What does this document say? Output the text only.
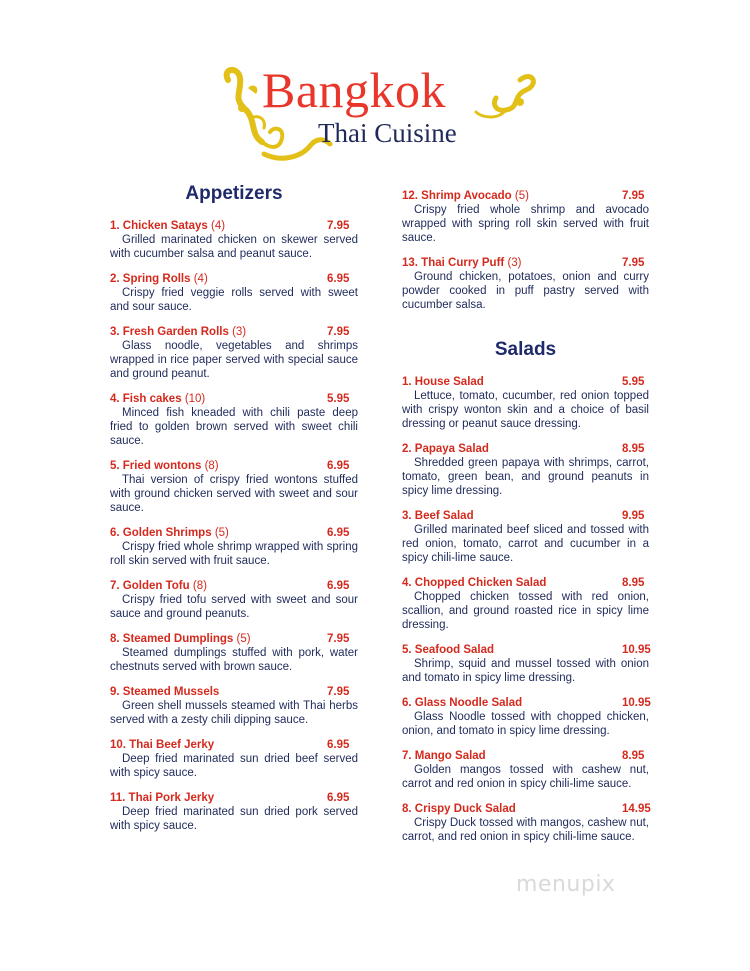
Bangkok
Thai Cuisine
Appetizers
1. Chicken Satays (4)	7.95

Grilled marinated chicken on skewer served with cucumber salsa and peanut sauce.

2. Spring Rolls (4)	6.95

Crispy fried veggie rolls served with sweet and sour sauce.

3. Fresh Garden Rolls (3)	7.95

Glass noodle, vegetables and shrimps wrapped in rice paper served with special sauce and ground peanut.

4. Fish cakes (10)	5.95

Minced fish kneaded with chili paste deep fried to golden brown served with sweet chili sauce.

5. Fried wontons (8)	6.95

Thai version of crispy fried wontons stuffed with ground chicken served with sweet and sour sauce.

6. Golden Shrimps (5)	6.95

Crispy fried whole shrimp wrapped with spring roll skin served with fruit sauce.

7. Golden Tofu (8)	6.95

Crispy fried tofu served with sweet and sour sauce and ground peanuts.

8. Steamed Dumplings (5)	7.95

Steamed dumplings stuffed with pork, water chestnuts served with brown sauce.

9. Steamed Mussels	7.95

Green shell mussels steamed with Thai herbs served with a zesty chili dipping sauce.

10. Thai Beef Jerky	6.95

Deep fried marinated sun dried beef served with spicy sauce.

11. Thai Pork Jerky	6.95

Deep fried marinated sun dried pork served with spicy sauce.

12. Shrimp Avocado (5)	7.95

Crispy fried whole shrimp and avocado wrapped with spring roll skin served with fruit sauce.

13. Thai Curry Puff (3)	7.95

Ground chicken, potatoes, onion and curry powder cooked in puff pastry served with cucumber salsa.

Salads
1. House Salad	5.95

Lettuce, tomato, cucumber, red onion topped with crispy wonton skin and a choice of basil dressing or peanut sauce dressing.

2. Papaya Salad	8.95

Shredded green papaya with shrimps, carrot, tomato, green bean, and ground peanuts in spicy lime dressing.

3. Beef Salad	9.95

Grilled marinated beef sliced and tossed with red onion, tomato, carrot and cucumber in a spicy chili-lime sauce.

4. Chopped Chicken Salad	8.95

Chopped chicken tossed with red onion, scallion, and ground roasted rice in spicy lime dressing.

5. Seafood Salad	10.95

Shrimp, squid and mussel tossed with onion and tomato in spicy lime dressing.

6. Glass Noodle Salad	10.95

Glass Noodle tossed with chopped chicken, onion, and tomato in spicy lime dressing.

7. Mango Salad	8.95

Golden mangos tossed with cashew nut, carrot and red onion in spicy chili-lime sauce.

8. Crispy Duck Salad	14.95

Crispy Duck tossed with mangos, cashew nut, carrot, and red onion in spicy chili-lime sauce.

menupix
